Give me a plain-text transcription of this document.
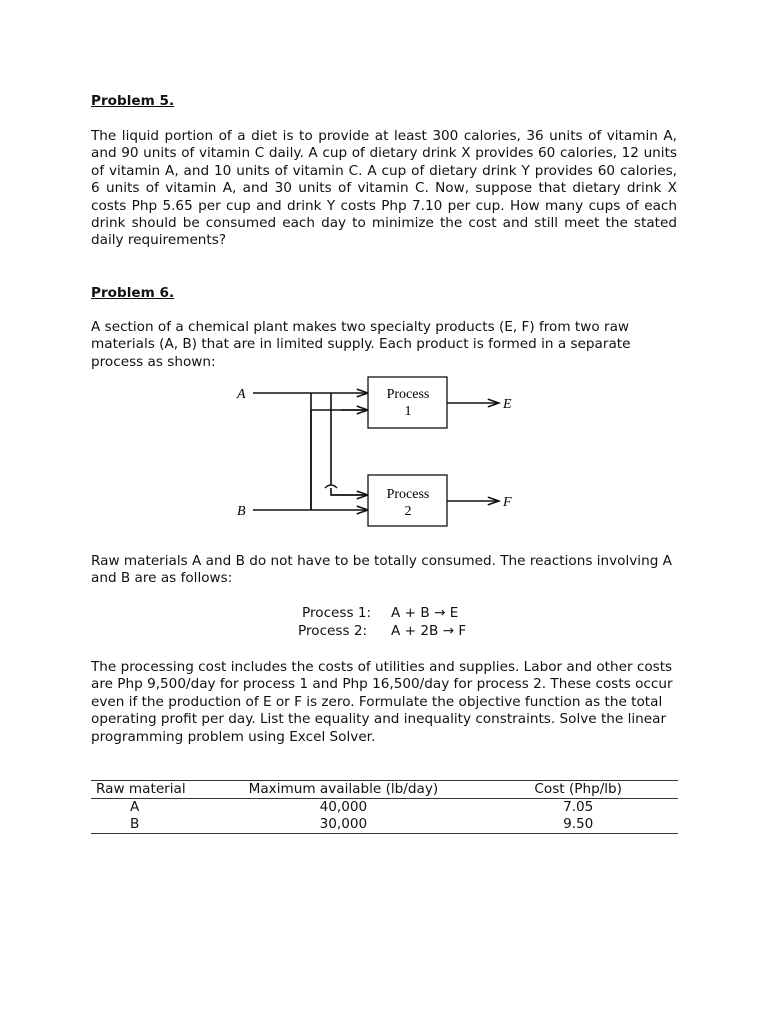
Problem 5.

The liquid portion of a diet is to provide at least 300 calories, 36 units of vitamin A, and 90 units of vitamin C daily. A cup of dietary drink X provides 60 calories, 12 units of vitamin A, and 10 units of vitamin C. A cup of dietary drink Y provides 60 calories, 6 units of vitamin A, and 30 units of vitamin C. Now, suppose that dietary drink X costs Php 5.65 per cup and drink Y costs Php 7.10 per cup. How many cups of each drink should be consumed each day to minimize the cost and still meet the stated daily requirements?

Problem 6.

A section of a chemical plant makes two specialty products (E, F) from two raw materials (A, B) that are in limited supply. Each product is formed in a separate process as shown:

Process
1
Process
2
A
B
E
F

Raw materials A and B do not have to be totally consumed. The reactions involving A and B are as follows:

Process 1: A + B → E
Process 2: A + 2B → F

The processing cost includes the costs of utilities and supplies. Labor and other costs are Php 9,500/day for process 1 and Php 16,500/day for process 2. These costs occur even if the production of E or F is zero. Formulate the objective function as the total operating profit per day. List the equality and inequality constraints. Solve the linear programming problem using Excel Solver.

Raw material	Maximum available (lb/day)	Cost (Php/lb)
A	40,000	7.05
B	30,000	9.50
